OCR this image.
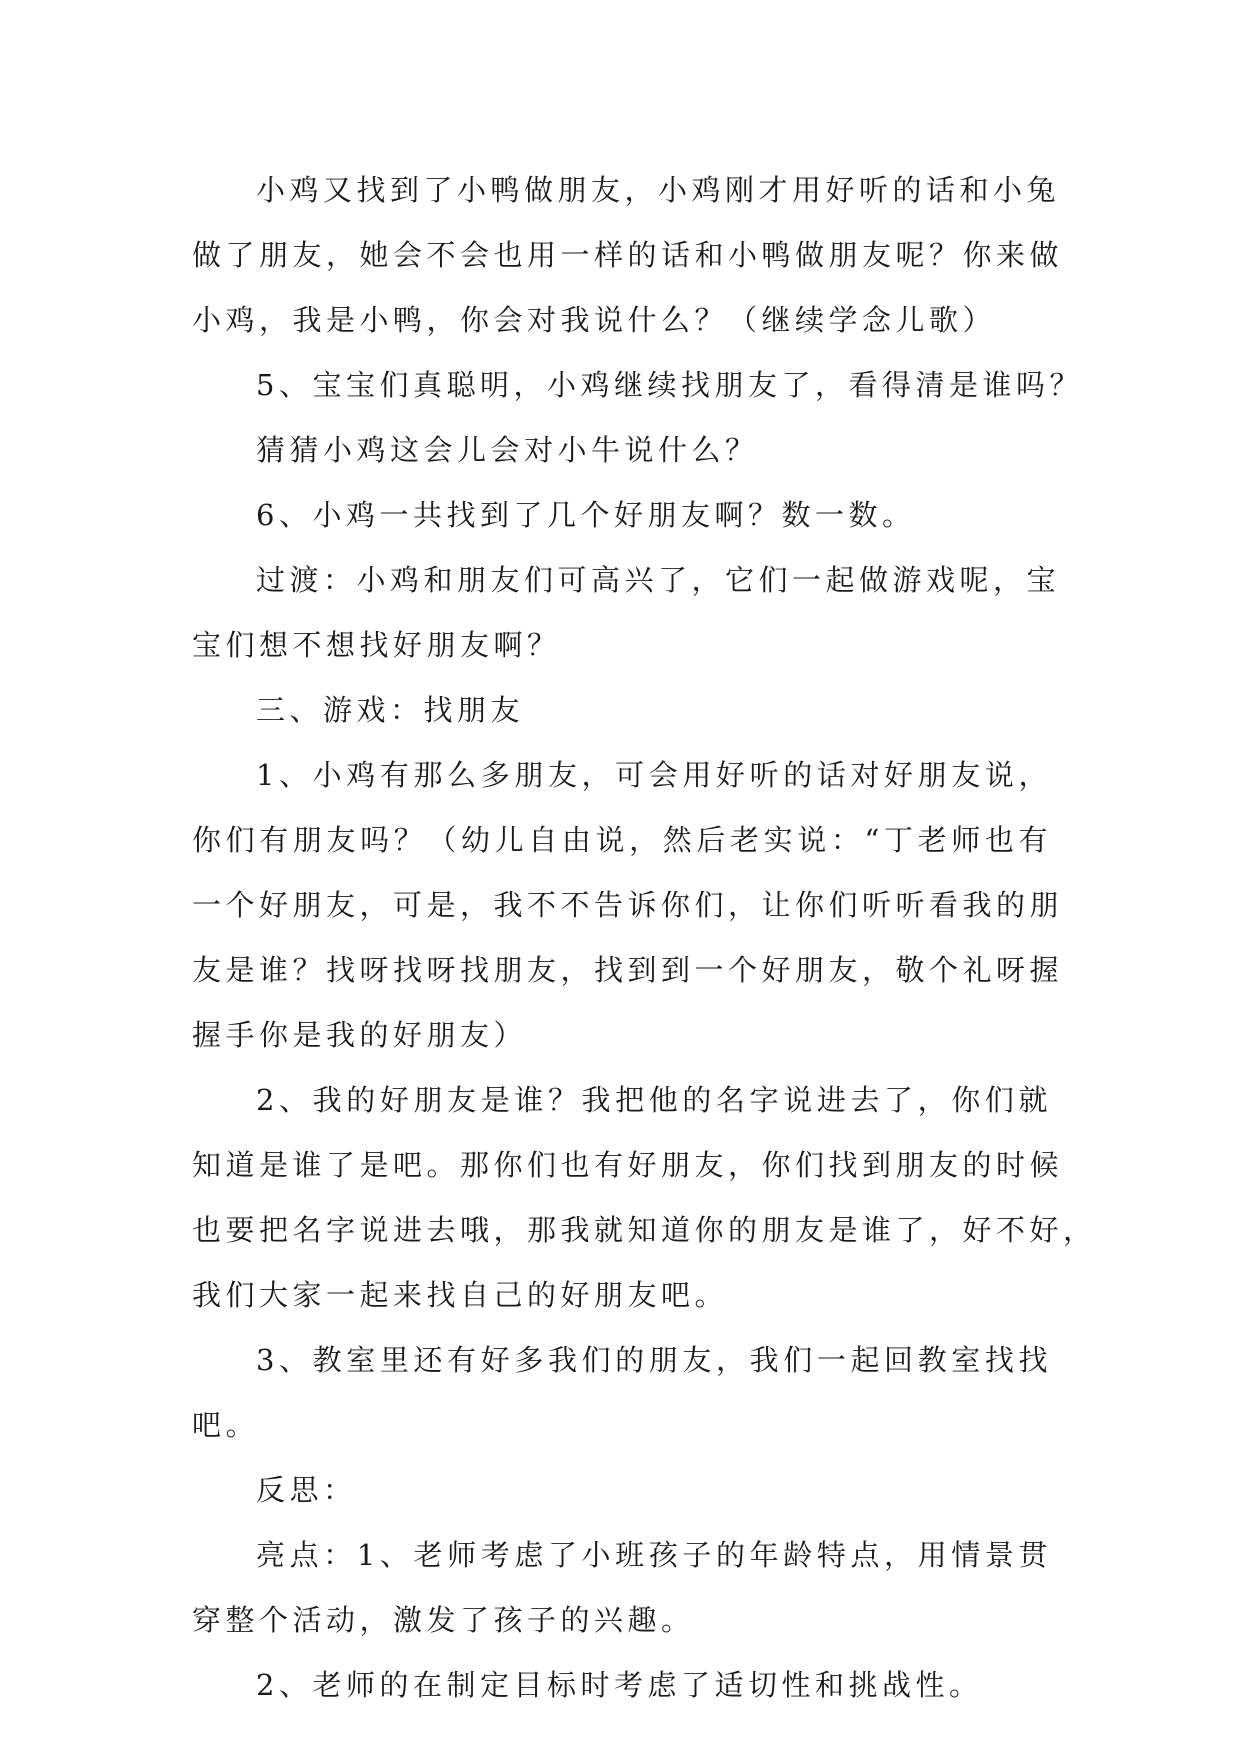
小鸡又找到了小鸭做朋友，小鸡刚才用好听的话和小兔
做了朋友，她会不会也用一样的话和小鸭做朋友呢？你来做
小鸡，我是小鸭，你会对我说什么？（继续学念儿歌）
5、宝宝们真聪明，小鸡继续找朋友了，看得清是谁吗？
猜猜小鸡这会儿会对小牛说什么？
6、小鸡一共找到了几个好朋友啊？数一数。
过渡：小鸡和朋友们可高兴了，它们一起做游戏呢，宝
宝们想不想找好朋友啊？
三、游戏：找朋友
1、小鸡有那么多朋友，可会用好听的话对好朋友说，
你们有朋友吗？（幼儿自由说，然后老实说：“丁老师也有
一个好朋友，可是，我不不告诉你们，让你们听听看我的朋
友是谁？找呀找呀找朋友，找到到一个好朋友，敬个礼呀握
握手你是我的好朋友）
2、我的好朋友是谁？我把他的名字说进去了，你们就
知道是谁了是吧。那你们也有好朋友，你们找到朋友的时候
也要把名字说进去哦，那我就知道你的朋友是谁了，好不好，
我们大家一起来找自己的好朋友吧。
3、教室里还有好多我们的朋友，我们一起回教室找找
吧。
反思：
亮点：1、老师考虑了小班孩子的年龄特点，用情景贯
穿整个活动，激发了孩子的兴趣。
2、老师的在制定目标时考虑了适切性和挑战性。
